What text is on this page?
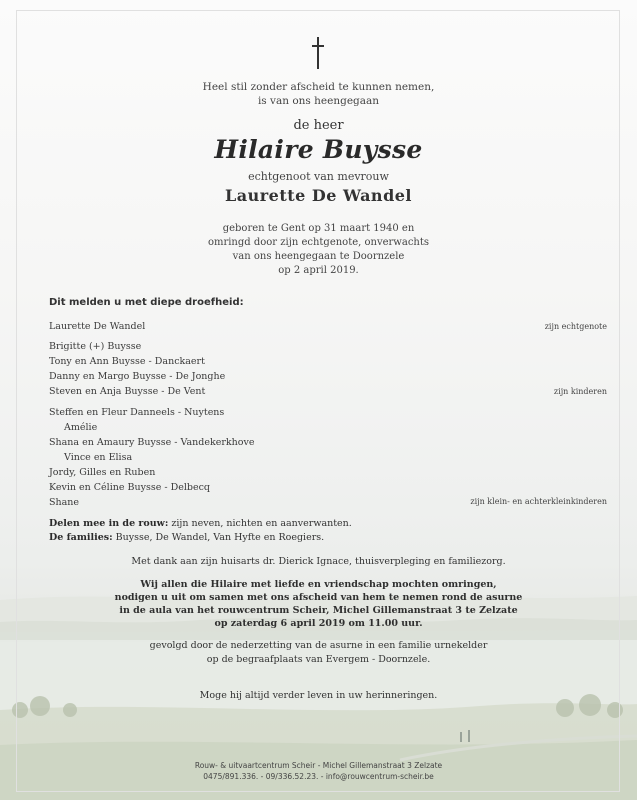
Heel stil zonder afscheid te kunnen nemen,
is van ons heengegaan
de heer
Hilaire Buysse
echtgenoot van mevrouw
Laurette De Wandel
geboren te Gent op 31 maart 1940 en
omringd door zijn echtgenote, onverwachts
van ons heengegaan te Doornzele
op 2 april 2019.
Dit melden u met diepe droefheid:
Laurette De Wandel	zijn echtgenote
Brigitte (+) Buysse
Tony en Ann Buysse - Danckaert
Danny en Margo Buysse - De Jonghe
Steven en Anja Buysse - De Vent	zijn kinderen
Steffen en Fleur Danneels - Nuytens
Amélie
Shana en Amaury Buysse - Vandekerkhove
Vince en Elisa
Jordy, Gilles en Ruben
Kevin en Céline Buysse - Delbecq
Shane	zijn klein- en achterkleinkinderen
Delen mee in de rouw: zijn neven, nichten en aanverwanten.
De families: Buysse, De Wandel, Van Hyfte en Roegiers.
Met dank aan zijn huisarts dr. Dierick Ignace, thuisverpleging en familiezorg.
Wij allen die Hilaire met liefde en vriendschap mochten omringen,
nodigen u uit om samen met ons afscheid van hem te nemen rond de asurne
in de aula van het rouwcentrum Scheir, Michel Gillemanstraat 3 te Zelzate
op zaterdag 6 april 2019 om 11.00 uur.
gevolgd door de nederzetting van de asurne in een familie urnekelder
op de begraafplaats van Evergem - Doornzele.
Moge hij altijd verder leven in uw herinneringen.
Rouw- & uitvaartcentrum Scheir - Michel Gillemanstraat 3 Zelzate
0475/891.336. - 09/336.52.23. - info@rouwcentrum-scheir.be
